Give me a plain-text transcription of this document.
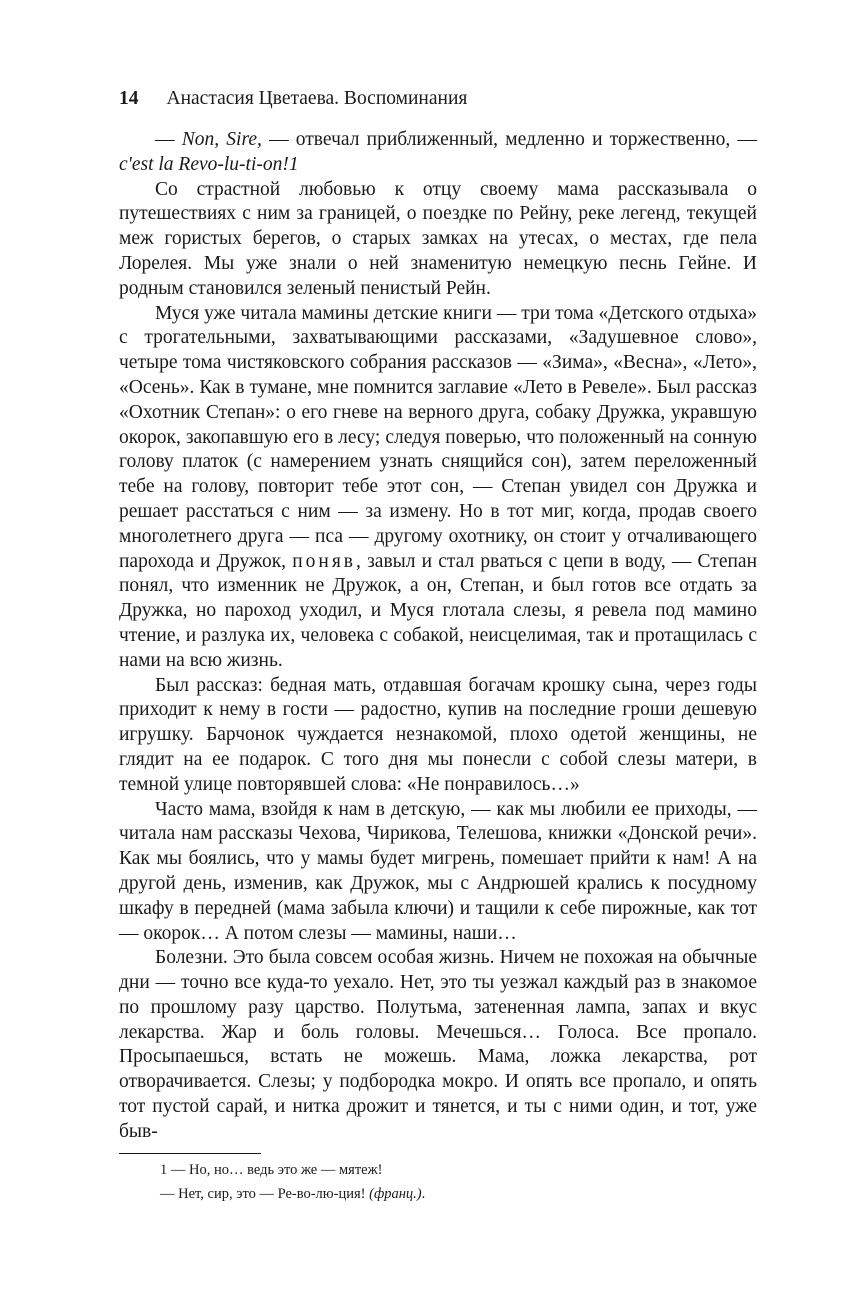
14 Анастасия Цветаева. Воспоминания

— Non, Sire, — отвечал приближенный, медленно и торжественно, — c'est la Revo-lu-ti-on!1

Со страстной любовью к отцу своему мама рассказывала о путешествиях с ним за границей, о поездке по Рейну, реке легенд, текущей меж гористых берегов, о старых замках на утесах, о местах, где пела Лорелея. Мы уже знали о ней знаменитую немецкую песнь Гейне. И родным становился зеленый пенистый Рейн.

Муся уже читала мамины детские книги — три тома «Детского отдыха» с трогательными, захватывающими рассказами, «Задушевное слово», четыре тома чистяковского собрания рассказов — «Зима», «Весна», «Лето», «Осень». Как в тумане, мне помнится заглавие «Лето в Ревеле». Был рассказ «Охотник Степан»: о его гневе на верного друга, собаку Дружка, укравшую окорок, закопавшую его в лесу; следуя поверью, что положенный на сонную голову платок (с намерением узнать снящийся сон), затем переложенный тебе на голову, повторит тебе этот сон, — Степан увидел сон Дружка и решает расстаться с ним — за измену. Но в тот миг, когда, продав своего многолетнего друга — пса — другому охотнику, он стоит у отчаливающего парохода и Дружок, поняв, завыл и стал рваться с цепи в воду, — Степан понял, что изменник не Дружок, а он, Степан, и был готов все отдать за Дружка, но пароход уходил, и Муся глотала слезы, я ревела под мамино чтение, и разлука их, человека с собакой, неисцелимая, так и протащилась с нами на всю жизнь.

Был рассказ: бедная мать, отдавшая богачам крошку сына, через годы приходит к нему в гости — радостно, купив на последние гроши дешевую игрушку. Барчонок чуждается незнакомой, плохо одетой женщины, не глядит на ее подарок. С того дня мы понесли с собой слезы матери, в темной улице повторявшей слова: «Не понравилось…»

Часто мама, взойдя к нам в детскую, — как мы любили ее приходы, — читала нам рассказы Чехова, Чирикова, Телешова, книжки «Донской речи». Как мы боялись, что у мамы будет мигрень, помешает прийти к нам! А на другой день, изменив, как Дружок, мы с Андрюшей крались к посудному шкафу в передней (мама забыла ключи) и тащили к себе пирожные, как тот — окорок… А потом слезы — мамины, наши…

Болезни. Это была совсем особая жизнь. Ничем не похожая на обычные дни — точно все куда-то уехало. Нет, это ты уезжал каждый раз в знакомое по прошлому разу царство. Полутьма, затененная лампа, запах и вкус лекарства. Жар и боль головы. Мечешься… Голоса. Все пропало. Просыпаешься, встать не можешь. Мама, ложка лекарства, рот отворачивается. Слезы; у подбородка мокро. И опять все пропало, и опять тот пустой сарай, и нитка дрожит и тянется, и ты с ними один, и тот, уже быв-

1 — Но, но… ведь это же — мятеж!
— Нет, сир, это — Ре-во-лю-ция! (франц.).
